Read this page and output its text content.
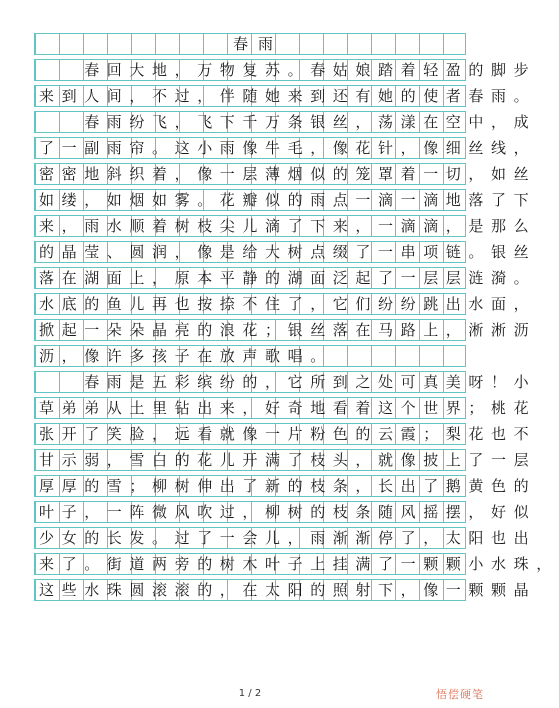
春雨
　　春回大地，万物复苏。春姑娘踏着轻盈的脚步
来到人间，不过，伴随她来到还有她的使者春雨。
　　春雨纷飞，飞下千万条银丝，荡漾在空中，成
了一副雨帘。这小雨像牛毛，像花针，像细丝线，
密密地斜织着，像一层薄烟似的笼罩着一切，如丝
如缕，如烟如雾。花瓣似的雨点一滴一滴地落了下
来，雨水顺着树枝尖儿滴了下来，一滴滴，是那么
的晶莹、圆润，像是给大树点缀了一串项链。银丝
落在湖面上，原本平静的湖面泛起了一层层涟漪。
水底的鱼儿再也按捺不住了，它们纷纷跳出水面，
掀起一朵朵晶亮的浪花；银丝落在马路上，淅淅沥
沥，像许多孩子在放声歌唱。
　　春雨是五彩缤纷的，它所到之处可真美呀！小
草弟弟从土里钻出来，好奇地看着这个世界；桃花
张开了笑脸，远看就像一片粉色的云霞；梨花也不
甘示弱，雪白的花儿开满了枝头，就像披上了一层
厚厚的雪；柳树伸出了新的枝条，长出了鹅黄色的
叶子，一阵微风吹过，柳树的枝条随风摇摆，好似
少女的长发。过了一会儿，雨渐渐停了，太阳也出
来了。街道两旁的树木叶子上挂满了一颗颗小水珠，
这些水珠圆滚滚的，在太阳的照射下，像一颗颗晶
1 / 2	悟偿硬笔
